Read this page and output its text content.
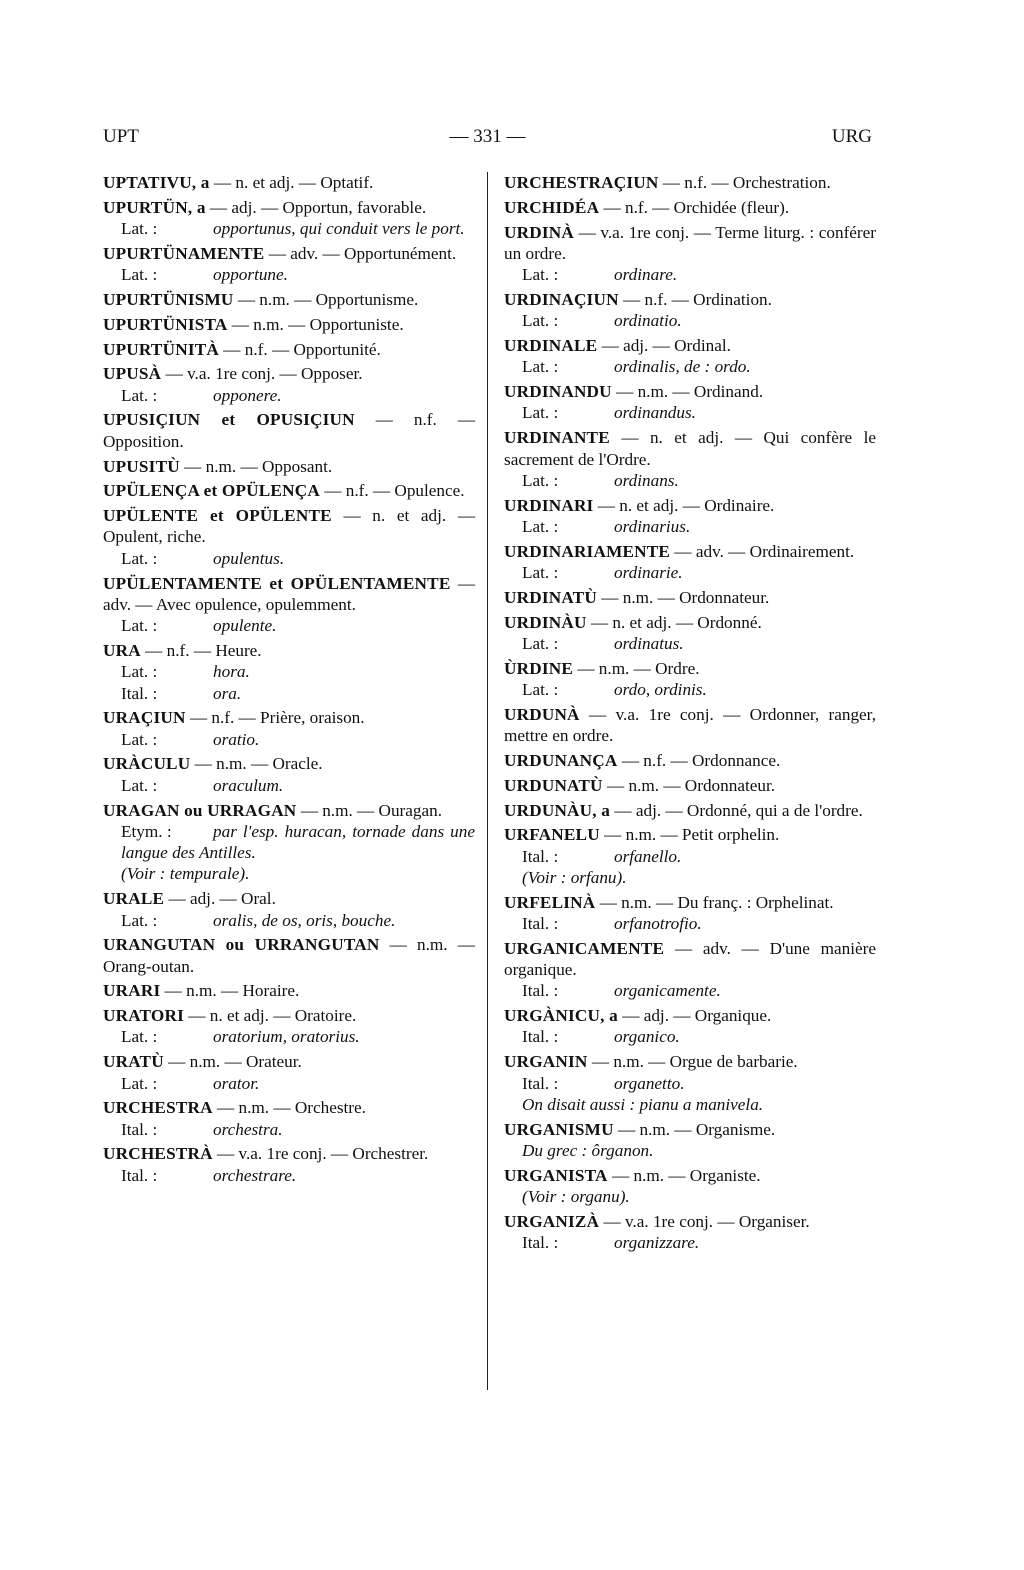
UPT	— 331 —	URG
UPTATIVU, a — n. et adj. — Optatif.
UPURTÜN, a — adj. — Opportun, favorable.
Lat. :	opportunus, qui conduit vers le port.
UPURTÜNAMENTE — adv. — Opportunément.
Lat. :	opportune.
UPURTÜNISMU — n.m. — Opportunisme.
UPURTÜNISTA — n.m. — Opportuniste.
UPURTÜNITÀ — n.f. — Opportunité.
UPUSÀ — v.a. 1re conj. — Opposer.
Lat. :	opponere.
UPUSIÇIUN et OPUSIÇIUN — n.f. — Opposition.
UPUSITÙ — n.m. — Opposant.
UPÜLENÇA et OPÜLENÇA — n.f. — Opulence.
UPÜLENTE et OPÜLENTE — n. et adj. — Opulent, riche.
Lat. :	opulentus.
UPÜLENTAMENTE et OPÜLENTAMENTE — adv. — Avec opulence, opulemment.
Lat. :	opulente.
URA — n.f. — Heure.
Lat. :	hora.
Ital. :	ora.
URAÇIUN — n.f. — Prière, oraison.
Lat. :	oratio.
URÀCULU — n.m. — Oracle.
Lat. :	oraculum.
URAGAN ou URRAGAN — n.m. — Ouragan.
Etym. : par l'esp. huracan, tornade dans une langue des Antilles.
(Voir : tempurale).
URALE — adj. — Oral.
Lat. :	oralis, de os, oris, bouche.
URANGUTAN ou URRANGUTAN — n.m. — Orang-outan.
URARI — n.m. — Horaire.
URATORI — n. et adj. — Oratoire.
Lat. :	oratorium, oratorius.
URATÙ — n.m. — Orateur.
Lat. :	orator.
URCHESTRA — n.m. — Orchestre.
Ital. :	orchestra.
URCHESTRÀ — v.a. 1re conj. — Orchestrer.
Ital. :	orchestrare.
URCHESTRAÇIUN — n.f. — Orchestration.
URCHIDÉA — n.f. — Orchidée (fleur).
URDINÀ — v.a. 1re conj. — Terme liturg. : conférer un ordre.
Lat. :	ordinare.
URDINAÇIUN — n.f. — Ordination.
Lat. :	ordinatio.
URDINALE — adj. — Ordinal.
Lat. :	ordinalis, de : ordo.
URDINANDU — n.m. — Ordinand.
Lat. :	ordinandus.
URDINANTE — n. et adj. — Qui confère le sacrement de l'Ordre.
Lat. :	ordinans.
URDINARI — n. et adj. — Ordinaire.
Lat. :	ordinarius.
URDINARIAMENTE — adv. — Ordinairement.
Lat. :	ordinarie.
URDINATÙ — n.m. — Ordonnateur.
URDINÀU — n. et adj. — Ordonné.
Lat. :	ordinatus.
ÙRDINE — n.m. — Ordre.
Lat. :	ordo, ordinis.
URDUNÀ — v.a. 1re conj. — Ordonner, ranger, mettre en ordre.
URDUNANÇA — n.f. — Ordonnance.
URDUNATÙ — n.m. — Ordonnateur.
URDUNÀU, a — adj. — Ordonné, qui a de l'ordre.
URFANELU — n.m. — Petit orphelin.
Ital. :	orfanello.
(Voir : orfanu).
URFELINÀ — n.m. — Du franç. : Orphelinat.
Ital. :	orfanotrofio.
URGANICAMENTE — adv. — D'une manière organique.
Ital. :	organicamente.
URGÀNICU, a — adj. — Organique.
Ital. :	organico.
URGANIN — n.m. — Orgue de barbarie.
Ital. :	organetto.
On disait aussi : pianu a manivela.
URGANISMU — n.m. — Organisme.
Du grec : ôrganon.
URGANISTA — n.m. — Organiste.
(Voir : organu).
URGANIZÀ — v.a. 1re conj. — Organiser.
Ital. :	organizzare.
